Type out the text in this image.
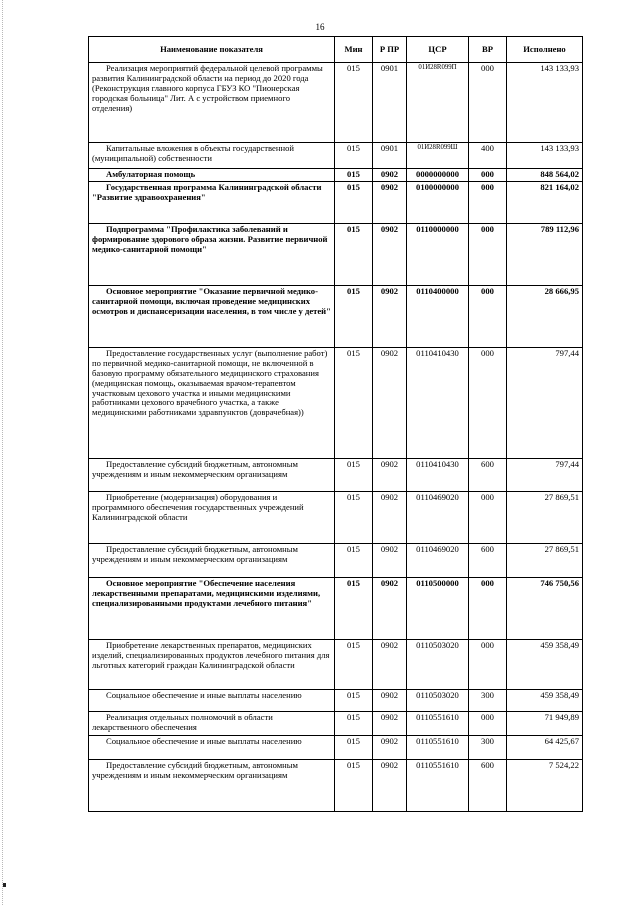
16
Наименование показателя	Мин	Р ПР	ЦСР	ВР	Исполнено
Реализация мероприятий федеральной целевой программы развития Калининградской области на период до 2020 года (Реконструкция главного корпуса ГБУЗ КО "Пионерская городская больница" Лит. А с устройством приемного отделения)	015	0901	01И28R099П	000	143 133,93
Капитальные вложения в объекты государственной (муниципальной) собственности	015	0901	01И28R099Ш	400	143 133,93
Амбулаторная помощь	015	0902	0000000000	000	848 564,02
Государственная программа Калининградской области "Развитие здравоохранения"	015	0902	0100000000	000	821 164,02
Подпрограмма "Профилактика заболеваний и формирование здорового образа жизни. Развитие первичной медико-санитарной помощи"	015	0902	0110000000	000	789 112,96
Основное мероприятие "Оказание первичной медико-санитарной помощи, включая проведение медицинских осмотров и диспансеризации населения, в том числе у детей"	015	0902	0110400000	000	28 666,95
Предоставление государственных услуг (выполнение работ) по первичной медико-санитарной помощи, не включенной в базовую программу обязательного медицинского страхования (медицинская помощь, оказываемая врачом-терапевтом участковым цехового участка и иными медицинскими работниками цехового врачебного участка, а также медицинскими работниками здравпунктов (доврачебная))	015	0902	0110410430	000	797,44
Предоставление субсидий бюджетным, автономным учреждениям и иным некоммерческим организациям	015	0902	0110410430	600	797,44
Приобретение (модернизация) оборудования и программного обеспечения государственных учреждений Калининградской области	015	0902	0110469020	000	27 869,51
Предоставление субсидий бюджетным, автономным учреждениям и иным некоммерческим организациям	015	0902	0110469020	600	27 869,51
Основное мероприятие "Обеспечение населения лекарственными препаратами, медицинскими изделиями, специализированными продуктами лечебного питания"	015	0902	0110500000	000	746 750,56
Приобретение лекарственных препаратов, медицинских изделий, специализированных продуктов лечебного питания для льготных категорий граждан Калининградской области	015	0902	0110503020	000	459 358,49
Социальное обеспечение и иные выплаты населению	015	0902	0110503020	300	459 358,49
Реализация отдельных полномочий в области лекарственного обеспечения	015	0902	0110551610	000	71 949,89
Социальное обеспечение и иные выплаты населению	015	0902	0110551610	300	64 425,67
Предоставление субсидий бюджетным, автономным учреждениям и иным некоммерческим организациям	015	0902	0110551610	600	7 524,22
